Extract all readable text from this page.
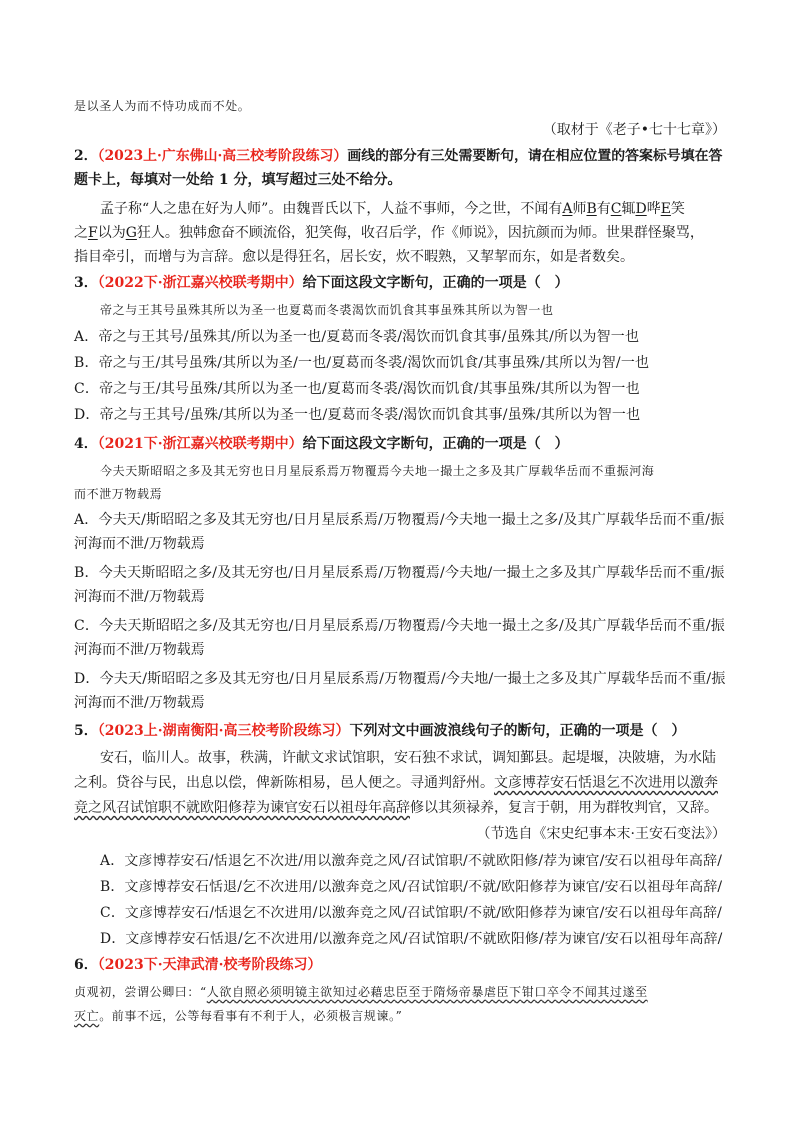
是以圣人为而不恃功成而不处。
（取材于《老子•七十七章》）
2．（2023上·广东佛山·高三校考阶段练习）画线的部分有三处需要断句，请在相应位置的答案标号填在答
题卡上，每填对一处给 1 分，填写超过三处不给分。
孟子称“人之患在好为人师”。由魏晋氏以下，人益不事师，今之世，不闻有A师B有C辄D哗E笑
之F以为G狂人。独韩愈奋不顾流俗，犯笑侮，收召后学，作《师说》，因抗颜而为师。世果群怪聚骂，
指目牵引，而增与为言辞。愈以是得狂名，居长安，炊不暇熟，又挈挈而东，如是者数矣。
3．（2022下·浙江嘉兴校联考期中）给下面这段文字断句，正确的一项是（　）
帝之与王其号虽殊其所以为圣一也夏葛而冬裘渴饮而饥食其事虽殊其所以为智一也
A．帝之与王其号/虽殊其/所以为圣一也/夏葛而冬裘/渴饮而饥食其事/虽殊其/所以为智一也
B．帝之与王/其号虽殊/其所以为圣/一也/夏葛而冬裘/渴饮而饥食/其事虽殊/其所以为智/一也
C．帝之与王/其号虽殊/其所以为圣一也/夏葛而冬裘/渴饮而饥食/其事虽殊/其所以为智一也
D．帝之与王其号/虽殊/其所以为圣一也/夏葛而冬裘/渴饮而饥食其事/虽殊/其所以为智一也
4．（2021下·浙江嘉兴校联考期中）给下面这段文字断句，正确的一项是（　）
今夫天斯昭昭之多及其无穷也日月星辰系焉万物覆焉今夫地一撮土之多及其广厚载华岳而不重振河海
而不泄万物载焉
A．今夫天/斯昭昭之多及其无穷也/日月星辰系焉/万物覆焉/今夫地一撮土之多/及其广厚载华岳而不重/振
河海而不泄/万物载焉
B．今夫天斯昭昭之多/及其无穷也/日月星辰系焉/万物覆焉/今夫地/一撮土之多及其广厚载华岳而不重/振
河海而不泄/万物载焉
C．今夫天斯昭昭之多/及其无穷也/日月星辰系焉/万物覆焉/今夫地一撮土之多/及其广厚载华岳而不重/振
河海而不泄/万物载焉
D．今夫天/斯昭昭之多及其无穷也/日月星辰系焉/万物覆焉/今夫地/一撮土之多及其广厚载华岳而不重/振
河海而不泄/万物载焉
5．（2023上·湖南衡阳·高三校考阶段练习）下列对文中画波浪线句子的断句，正确的一项是（　）
安石，临川人。故事，秩满，许献文求试馆职，安石独不求试，调知鄞县。起堤堰，决陂塘，为水陆
之利。贷谷与民，出息以偿，俾新陈相易，邑人便之。寻通判舒州。文彦博荐安石恬退乞不次进用以激奔
竞之风召试馆职不就欧阳修荐为谏官安石以祖母年高辞修以其须禄养，复言于朝，用为群牧判官，又辞。
（节选自《宋史纪事本末·王安石变法》）
A．文彦博荐安石/恬退乞不次进/用以激奔竞之风/召试馆职/不就欧阳修/荐为谏官/安石以祖母年高辞/
B．文彦博荐安石恬退/乞不次进用/以激奔竞之风/召试馆职/不就/欧阳修荐为谏官/安石以祖母年高辞/
C．文彦博荐安石/恬退乞不次进用/以激奔竞之风/召试馆职/不就/欧阳修荐为谏官/安石以祖母年高辞/
D．文彦博荐安石恬退/乞不次进用/以激奔竞之风/召试馆职/不就欧阳修/荐为谏官/安石以祖母年高辞/
6．（2023下·天津武清·校考阶段练习）
贞观初，尝谓公卿曰：“人欲自照必须明镜主欲知过必藉忠臣至于隋炀帝暴虐臣下钳口卒令不闻其过遂至
灭亡。前事不远，公等每看事有不利于人，必须极言规谏。”
